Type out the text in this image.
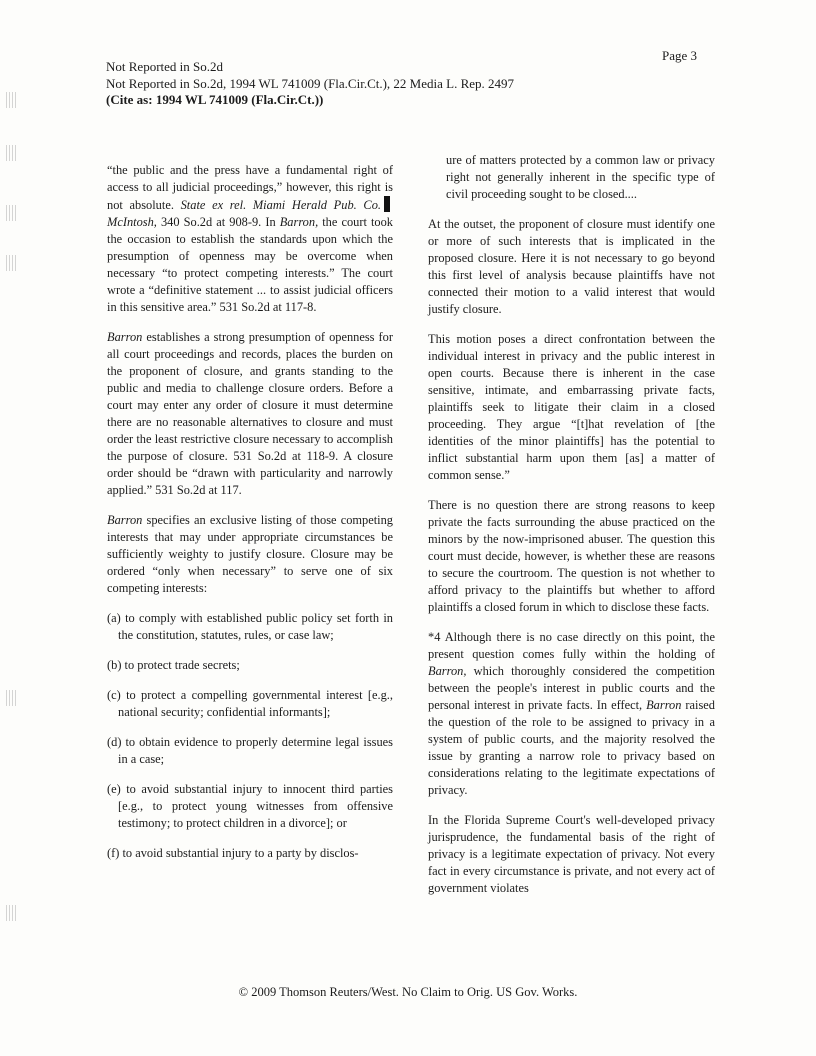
Page 3
Not Reported in So.2d
Not Reported in So.2d, 1994 WL 741009 (Fla.Cir.Ct.), 22 Media L. Rep. 2497
(Cite as: 1994 WL 741009 (Fla.Cir.Ct.))

“the public and the press have a fundamental right of access to all judicial proceedings,” however, this right is not absolute. State ex rel. Miami Herald Pub. Co.McIntosh, 340 So.2d at 908-9. In Barron, the court took the occasion to establish the standards upon which the presumption of openness may be overcome when necessary “to protect competing interests.” The court wrote a “definitive statement ... to assist judicial officers in this sensitive area.” 531 So.2d at 117-8.

Barron establishes a strong presumption of openness for all court proceedings and records, places the burden on the proponent of closure, and grants standing to the public and media to challenge closure orders. Before a court may enter any order of closure it must determine there are no reasonable alternatives to closure and must order the least restrictive closure necessary to accomplish the purpose of closure. 531 So.2d at 118-9. A closure order should be “drawn with particularity and narrowly applied.” 531 So.2d at 117.

Barron specifies an exclusive listing of those competing interests that may under appropriate circumstances be sufficiently weighty to justify closure. Closure may be ordered “only when necessary” to serve one of six competing interests:

(a) to comply with established public policy set forth in the constitution, statutes, rules, or case law;

(b) to protect trade secrets;

(c) to protect a compelling governmental interest [e.g., national security; confidential informants];

(d) to obtain evidence to properly determine legal issues in a case;

(e) to avoid substantial injury to innocent third parties [e.g., to protect young witnesses from offensive testimony; to protect children in a divorce]; or

(f) to avoid substantial injury to a party by disclos-

ure of matters protected by a common law or privacy right not generally inherent in the specific type of civil proceeding sought to be closed....

At the outset, the proponent of closure must identify one or more of such interests that is implicated in the proposed closure. Here it is not necessary to go beyond this first level of analysis because plaintiffs have not connected their motion to a valid interest that would justify closure.

This motion poses a direct confrontation between the individual interest in privacy and the public interest in open courts. Because there is inherent in the case sensitive, intimate, and embarrassing private facts, plaintiffs seek to litigate their claim in a closed proceeding. They argue “[t]hat revelation of [the identities of the minor plaintiffs] has the potential to inflict substantial harm upon them [as] a matter of common sense.”

There is no question there are strong reasons to keep private the facts surrounding the abuse practiced on the minors by the now-imprisoned abuser. The question this court must decide, however, is whether these are reasons to secure the courtroom. The question is not whether to afford privacy to the plaintiffs but whether to afford plaintiffs a closed forum in which to disclose these facts.

*4 Although there is no case directly on this point, the present question comes fully within the holding of Barron, which thoroughly considered the competition between the people's interest in public courts and the personal interest in private facts. In effect, Barron raised the question of the role to be assigned to privacy in a system of public courts, and the majority resolved the issue by granting a narrow role to privacy based on considerations relating to the legitimate expectations of privacy.

In the Florida Supreme Court's well-developed privacy jurisprudence, the fundamental basis of the right of privacy is a legitimate expectation of privacy. Not every fact in every circumstance is private, and not every act of government violates

© 2009 Thomson Reuters/West. No Claim to Orig. US Gov. Works.
